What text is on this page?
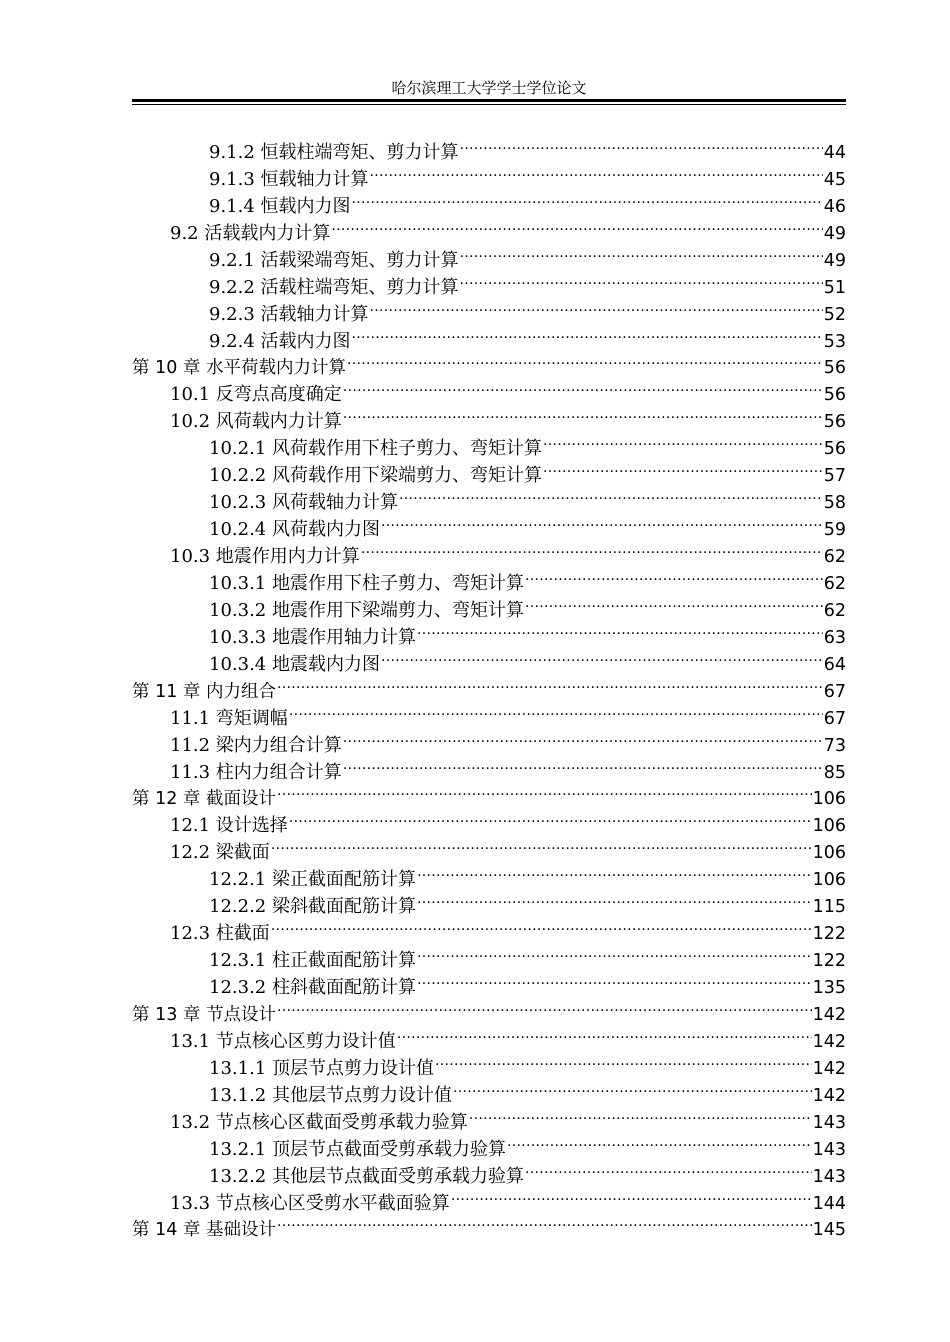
哈尔滨理工大学学士学位论文
9.1.2 恒载柱端弯矩、剪力计算 .....	44
9.1.3 恒载轴力计算 .....	45
9.1.4 恒载内力图 .....	46
9.2 活载载内力计算 .....	49
9.2.1 活载梁端弯矩、剪力计算 .....	49
9.2.2 活载柱端弯矩、剪力计算 .....	51
9.2.3 活载轴力计算 .....	52
9.2.4 活载内力图 .....	53
第 10 章 水平荷载内力计算 .....	56
10.1 反弯点高度确定 .....	56
10.2 风荷载内力计算 .....	56
10.2.1 风荷载作用下柱子剪力、弯矩计算 .....	56
10.2.2 风荷载作用下梁端剪力、弯矩计算 .....	57
10.2.3 风荷载轴力计算 .....	58
10.2.4 风荷载内力图 .....	59
10.3 地震作用内力计算 .....	62
10.3.1 地震作用下柱子剪力、弯矩计算 .....	62
10.3.2 地震作用下梁端剪力、弯矩计算 .....	62
10.3.3 地震作用轴力计算 .....	63
10.3.4 地震载内力图 .....	64
第 11 章 内力组合 .....	67
11.1 弯矩调幅 .....	67
11.2 梁内力组合计算 .....	73
11.3 柱内力组合计算 .....	85
第 12 章 截面设计 .....	106
12.1 设计选择 .....	106
12.2 梁截面 .....	106
12.2.1 梁正截面配筋计算 .....	106
12.2.2 梁斜截面配筋计算 .....	115
12.3 柱截面 .....	122
12.3.1 柱正截面配筋计算 .....	122
12.3.2 柱斜截面配筋计算 .....	135
第 13 章 节点设计 .....	142
13.1 节点核心区剪力设计值 .....	142
13.1.1 顶层节点剪力设计值 .....	142
13.1.2 其他层节点剪力设计值 .....	142
13.2 节点核心区截面受剪承载力验算 .....	143
13.2.1 顶层节点截面受剪承载力验算 .....	143
13.2.2 其他层节点截面受剪承载力验算 .....	143
13.3 节点核心区受剪水平截面验算 .....	144
第 14 章 基础设计 .....	145
